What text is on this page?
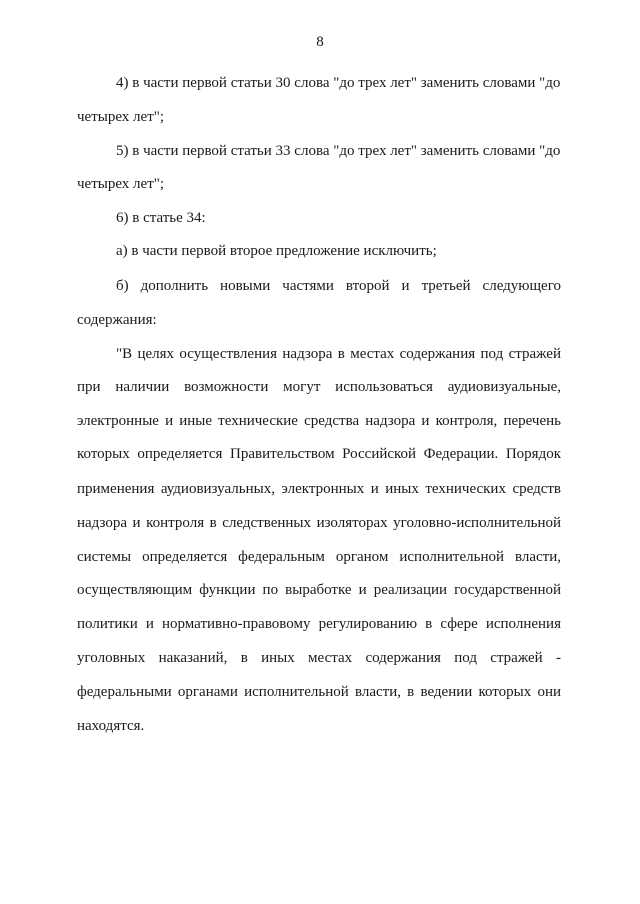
8
4) в части первой статьи 30 слова "до трех лет" заменить словами "до
четырех лет";
5) в части первой статьи 33 слова "до трех лет" заменить словами "до
четырех лет";
6) в статье 34:
а) в части первой второе предложение исключить;
б) дополнить новыми частями второй и третьей следующего
содержания:
"В целях осуществления надзора в местах содержания под стражей
при наличии возможности могут использоваться аудиовизуальные,
электронные и иные технические средства надзора и контроля, перечень
которых определяется Правительством Российской Федерации. Порядок
применения аудиовизуальных, электронных и иных технических средств
надзора и контроля в следственных изоляторах уголовно-исполнительной
системы определяется федеральным органом исполнительной власти,
осуществляющим функции по выработке и реализации государственной
политики и нормативно-правовому регулированию в сфере исполнения
уголовных наказаний, в иных местах содержания под стражей -
федеральными органами исполнительной власти, в ведении которых они
находятся.
